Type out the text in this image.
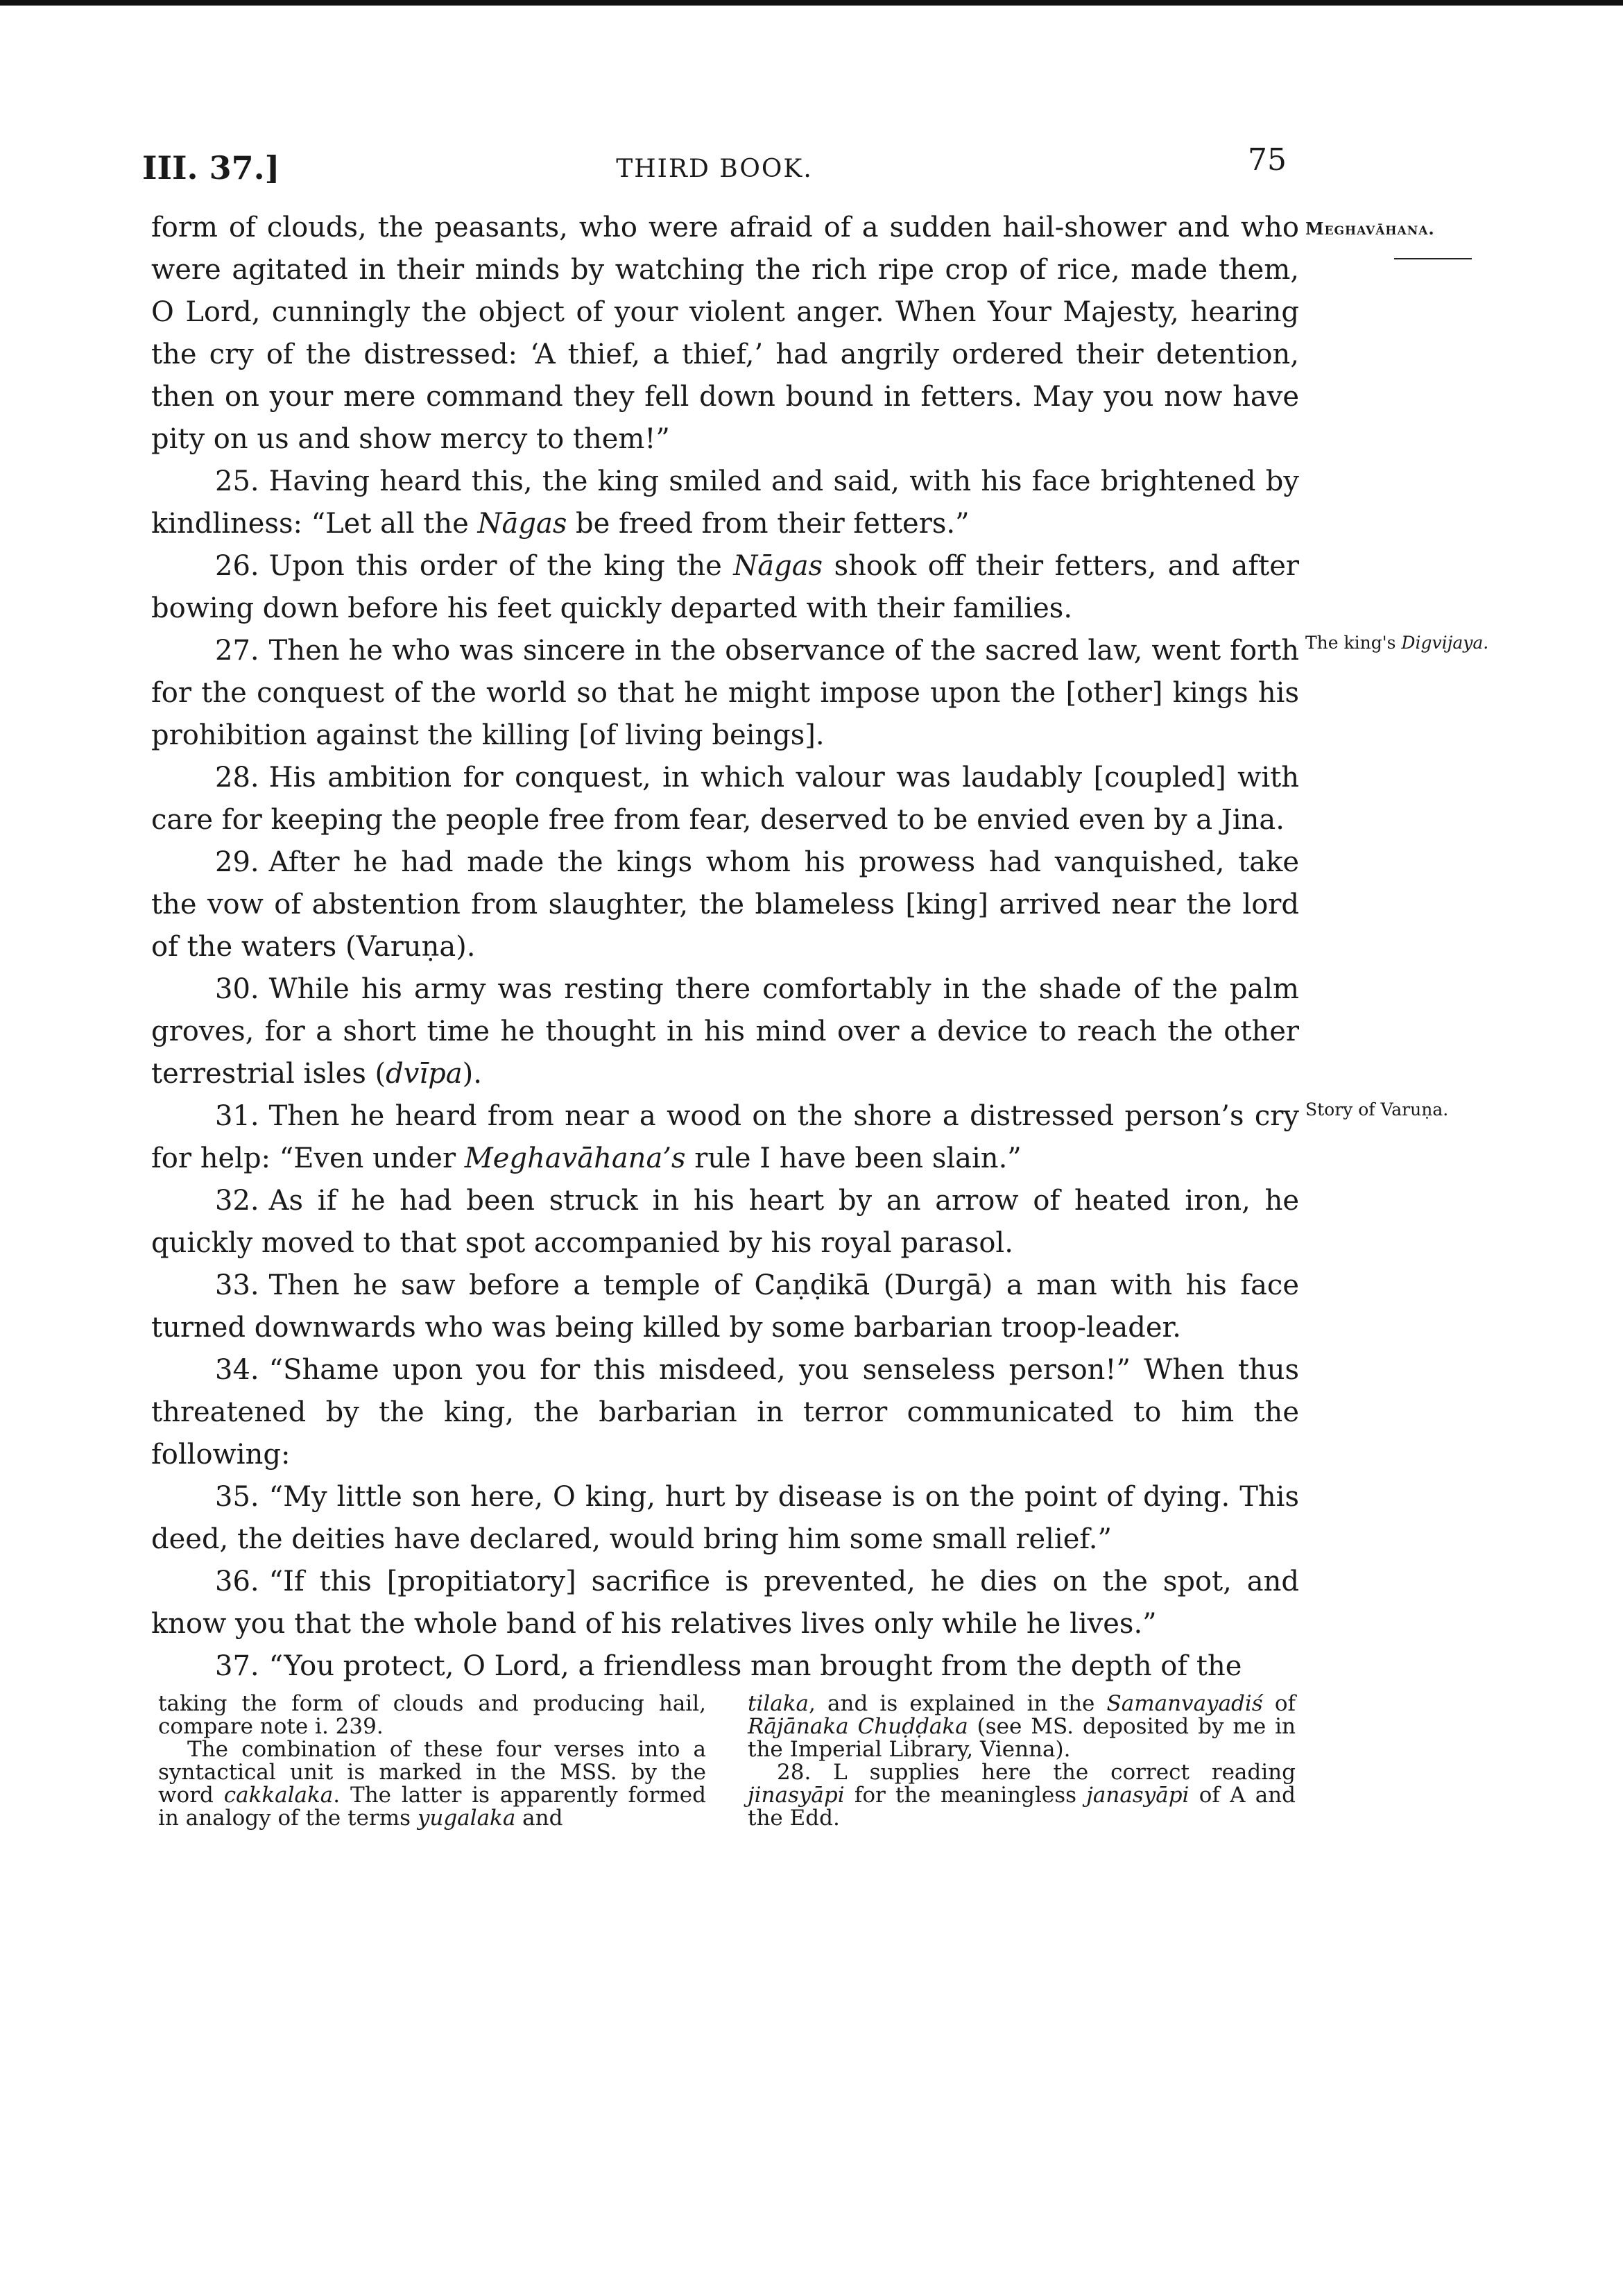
III. 37.]	THIRD BOOK.	75

form of clouds, the peasants, who were afraid of a sudden hail-shower and who were agitated in their minds by watching the rich ripe crop of rice, made them, O Lord, cunningly the object of your violent anger. When Your Majesty, hearing the cry of the distressed: ‘A thief, a thief,’ had angrily ordered their detention, then on your mere command they fell down bound in fetters. May you now have pity on us and show mercy to them!”

25. Having heard this, the king smiled and said, with his face brightened by kindliness: “Let all the Nāgas be freed from their fetters.”

26. Upon this order of the king the Nāgas shook off their fetters, and after bowing down before his feet quickly departed with their families.

27. Then he who was sincere in the observance of the sacred law, went forth for the conquest of the world so that he might impose upon the [other] kings his prohibition against the killing [of living beings].

28. His ambition for conquest, in which valour was laudably [coupled] with care for keeping the people free from fear, deserved to be envied even by a Jina.

29. After he had made the kings whom his prowess had vanquished, take the vow of abstention from slaughter, the blameless [king] arrived near the lord of the waters (Varuṇa).

30. While his army was resting there comfortably in the shade of the palm groves, for a short time he thought in his mind over a device to reach the other terrestrial isles (dvīpa).

31. Then he heard from near a wood on the shore a distressed person’s cry for help: “Even under Meghavāhana’s rule I have been slain.”

32. As if he had been struck in his heart by an arrow of heated iron, he quickly moved to that spot accompanied by his royal parasol.

33. Then he saw before a temple of Caṇḍikā (Durgā) a man with his face turned downwards who was being killed by some barbarian troop-leader.

34. “Shame upon you for this misdeed, you senseless person!” When thus threatened by the king, the barbarian in terror communicated to him the following:

35. “My little son here, O king, hurt by disease is on the point of dying. This deed, the deities have declared, would bring him some small relief.”

36. “If this [propitiatory] sacrifice is prevented, he dies on the spot, and know you that the whole band of his relatives lives only while he lives.”

37. “You protect, O Lord, a friendless man brought from the depth of the

Meghavāhana.
The king's Digvijaya.
Story of Varuṇa.

taking the form of clouds and producing hail, compare note i. 239.

The combination of these four verses into a syntactical unit is marked in the MSS. by the word cakkalaka. The latter is apparently formed in analogy of the terms yugalaka and

tilaka, and is explained in the Samanvayadiś of Rājānaka Chuḍḍaka (see MS. deposited by me in the Imperial Library, Vienna).

28. L supplies here the correct reading jinasyāpi for the meaningless janasyāpi of A and the Edd.
